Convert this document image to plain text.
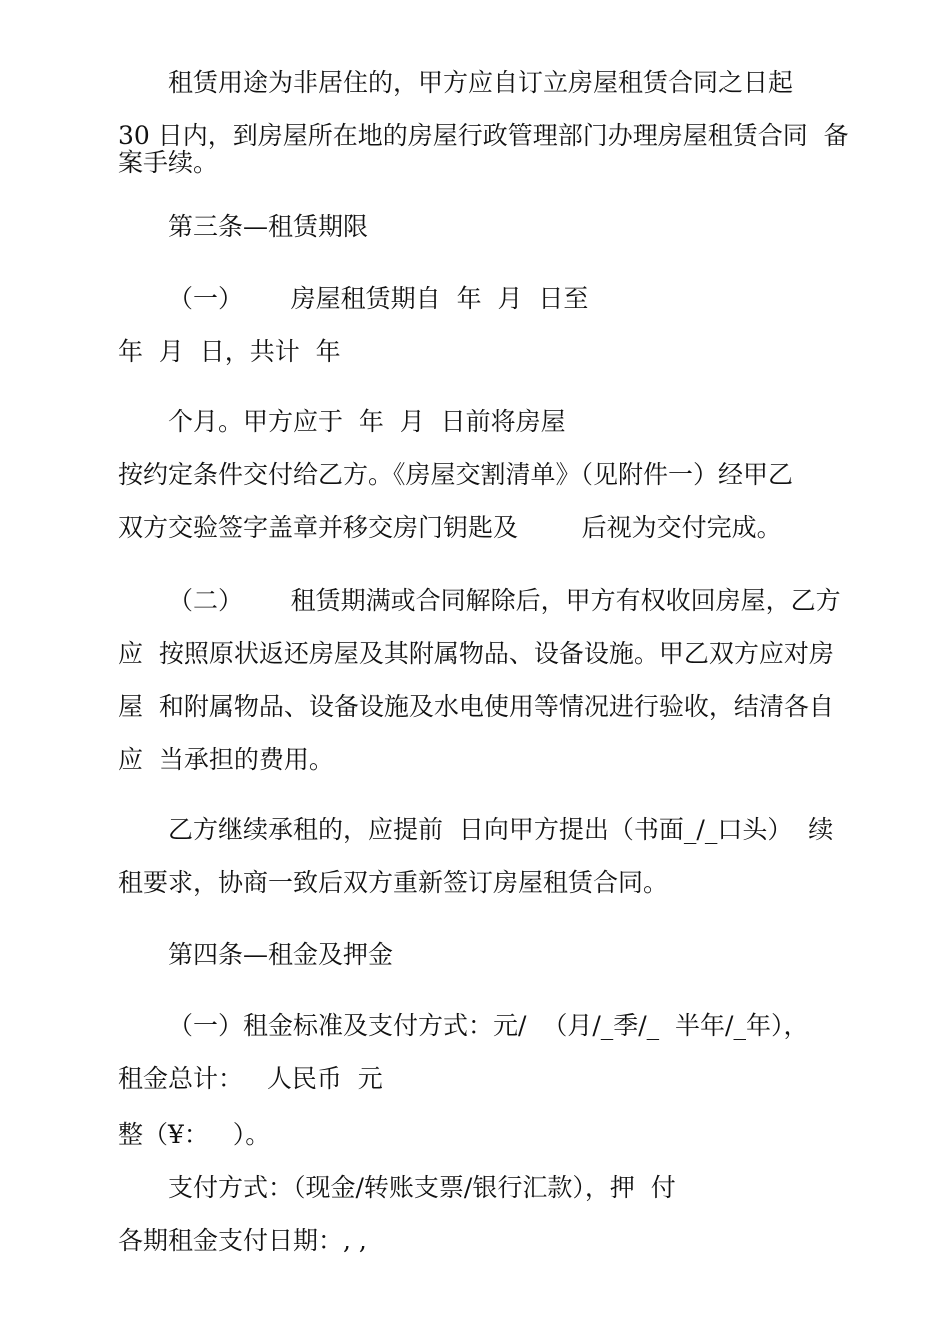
租赁用途为非居住的，甲方应自订立房屋租赁合同之日起

30 日内，到房屋所在地的房屋行政管理部门办理房屋租赁合同  备

案手续。

第三条—租赁期限

（一）      房屋租赁期自  年  月  日至

年  月  日，共计  年

个月。甲方应于  年  月  日前将房屋

按约定条件交付给乙方。《房屋交割清单》（见附件一）经甲乙

双方交验签字盖章并移交房门钥匙及        后视为交付完成。

（二）      租赁期满或合同解除后，甲方有权收回房屋，乙方

应  按照原状返还房屋及其附属物品、设备设施。甲乙双方应对房

屋  和附属物品、设备设施及水电使用等情况进行验收，结清各自

应  当承担的费用。

乙方继续承租的，应提前  日向甲方提出（书面_/_口头）  续

租要求，协商一致后双方重新签订房屋租赁合同。

第四条—租金及押金

（一）租金标准及支付方式：元/  （月/_季/_  半年/_年），

租金总计：   人民币  元

整（¥：   ）。

支付方式：（现金/转账支票/银行汇款），押  付

各期租金支付日期：, ,
